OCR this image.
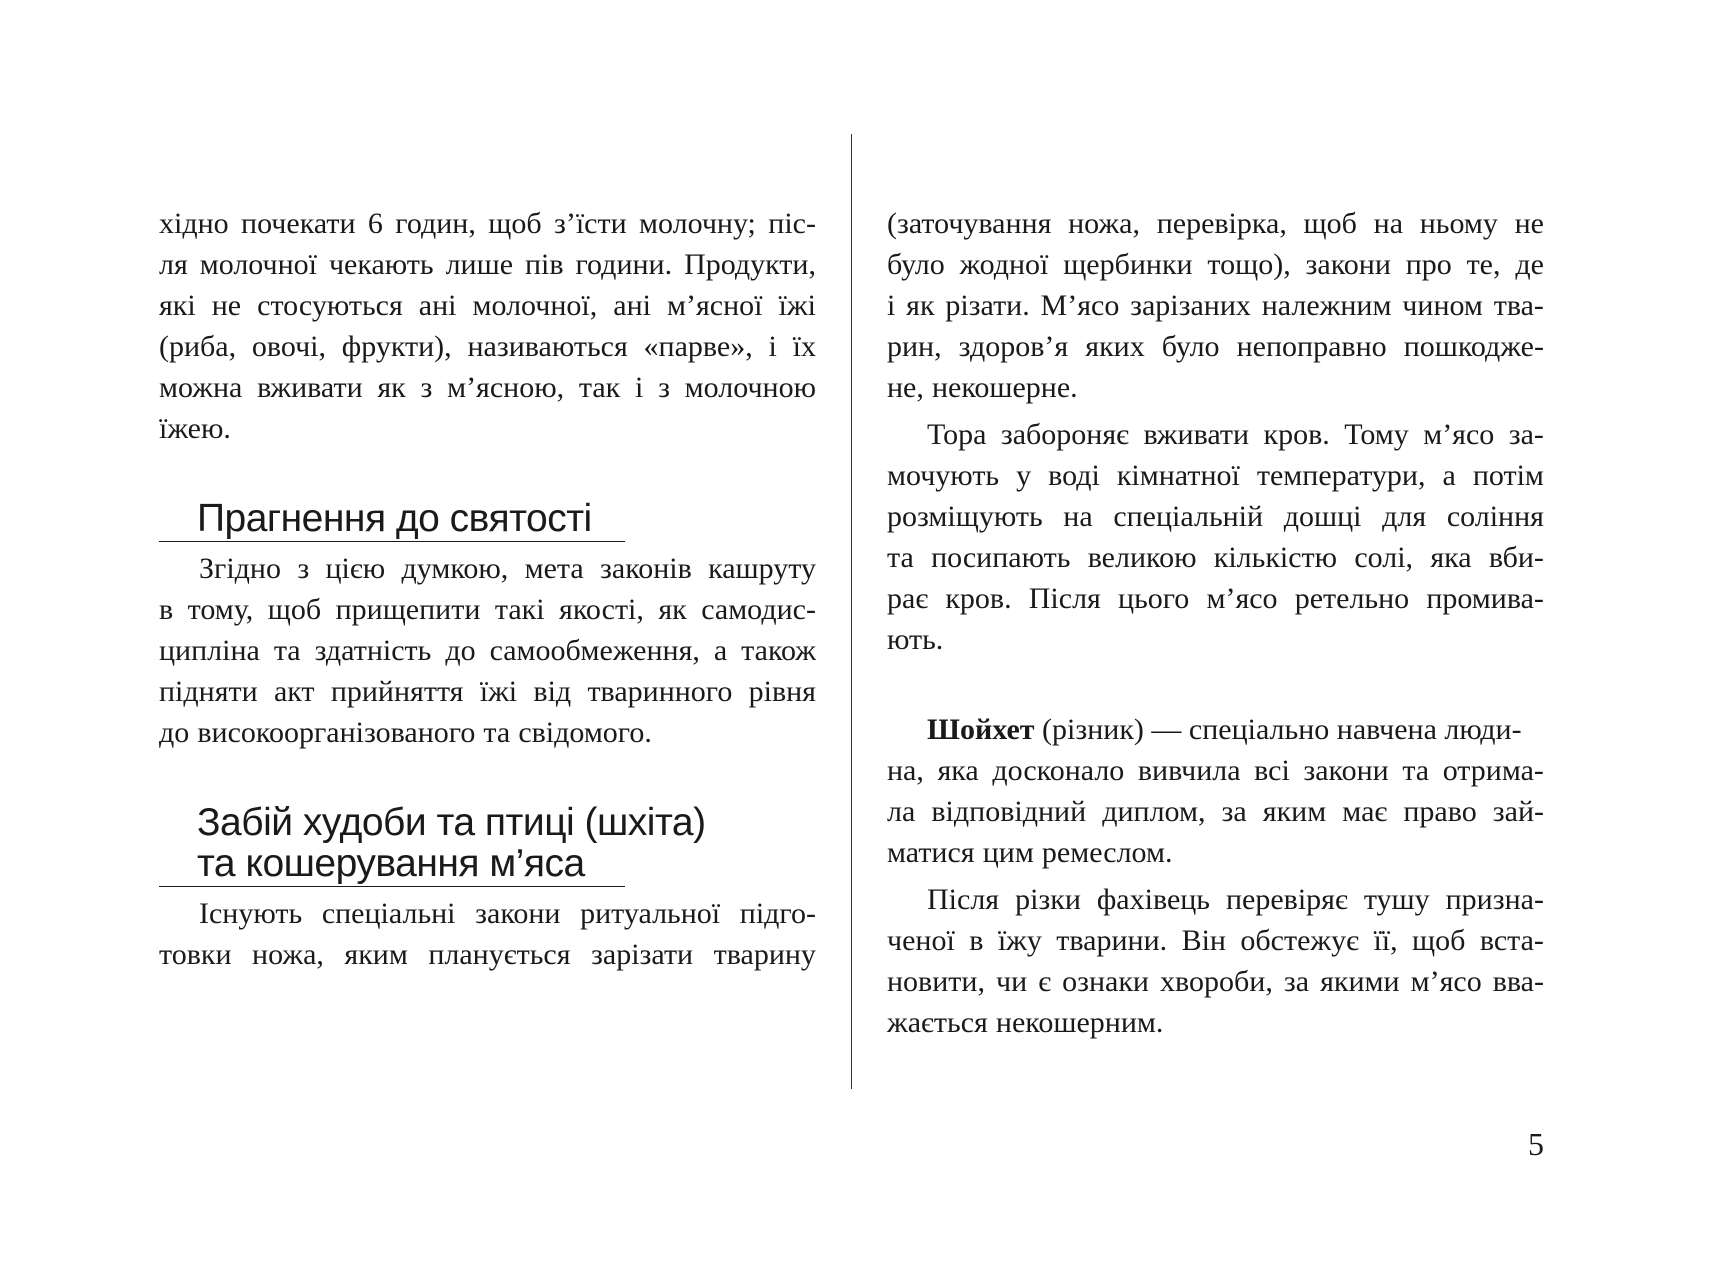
хідно почекати 6 годин, щоб з’їсти молочну; піс-
ля молочної чекають лише пів години. Продукти,
які не стосуються ані молочної, ані м’ясної їжі
(риба, овочі, фрукти), називаються «парве», і їх
можна вживати як з м’ясною, так і з молочною
їжею.
Прагнення до святості
Згідно з цією думкою, мета законів кашруту
в тому, щоб прищепити такі якості, як самодис-
ципліна та здатність до самообмеження, а також
підняти акт прийняття їжі від тваринного рівня
до високоорганізованого та свідомого.
Забій худоби та птиці (шхіта)
та кошерування м’яса
Існують спеціальні закони ритуальної підго-
товки ножа, яким планується зарізати тварину
(заточування ножа, перевірка, щоб на ньому не
було жодної щербинки тощо), закони про те, де
і як різати. М’ясо зарізаних належним чином тва-
рин, здоров’я яких було непоправно пошкодже-
не, некошерне.
Тора забороняє вживати кров. Тому м’ясо за-
мочують у воді кімнатної температури, а потім
розміщують на спеціальній дошці для соління
та посипають великою кількістю солі, яка вби-
рає кров. Після цього м’ясо ретельно промива-
ють.
Шойхет (різник) — спеціально навчена люди-
на, яка досконало вивчила всі закони та отрима-
ла відповідний диплом, за яким має право зай-
матися цим ремеслом.
Після різки фахівець перевіряє тушу призна-
ченої в їжу тварини. Він обстежує її, щоб вста-
новити, чи є ознаки хвороби, за якими м’ясо вва-
жається некошерним.
5
